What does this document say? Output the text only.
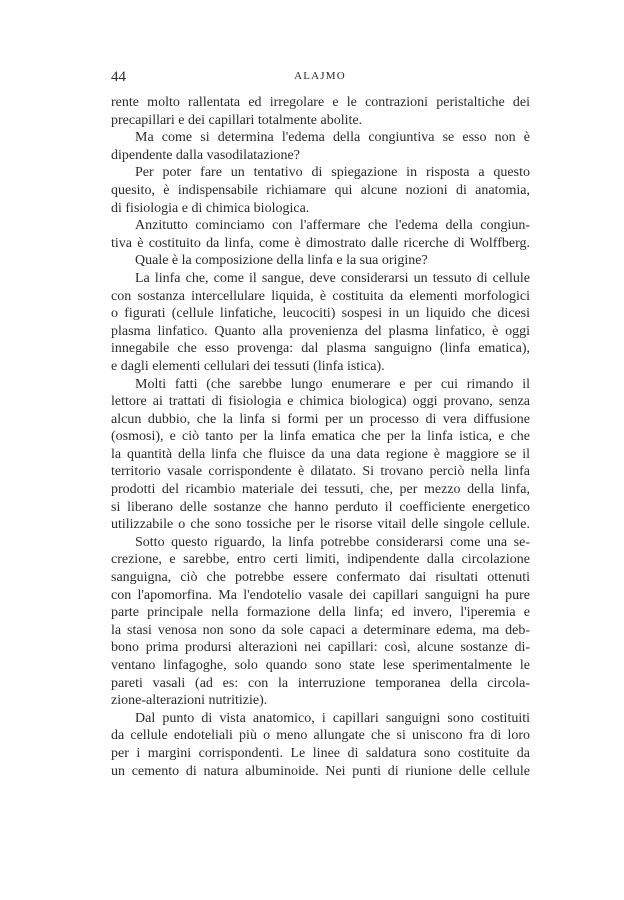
44	ALAJMO
rente molto rallentata ed irregolare e le contrazioni peristaltiche dei
precapillari e dei capillari totalmente abolite.
Ma come si determina l'edema della congiuntiva se esso non è
dipendente dalla vasodilatazione?
Per poter fare un tentativo di spiegazione in risposta a questo
quesito, è indispensabile richiamare qui alcune nozioni di anatomia,
di fisiologia e di chimica biologica.
Anzitutto cominciamo con l'affermare che l'edema della congiun-
tiva è costituito da linfa, come è dimostrato dalle ricerche di Wolffberg.
Quale è la composizione della linfa e la sua origine?
La linfa che, come il sangue, deve considerarsi un tessuto di cellule
con sostanza intercellulare liquida, è costituita da elementi morfologici
o figurati (cellule linfatiche, leucociti) sospesi in un liquido che dicesi
plasma linfatico. Quanto alla provenienza del plasma linfatico, è oggi
innegabile che esso provenga: dal plasma sanguigno (linfa ematica),
e dagli elementi cellulari dei tessuti (linfa istica).
Molti fatti (che sarebbe lungo enumerare e per cui rimando il
lettore ai trattati di fisiologia e chimica biologica) oggi provano, senza
alcun dubbio, che la linfa si formi per un processo di vera diffusione
(osmosi), e ciò tanto per la linfa ematica che per la linfa istica, e che
la quantità della linfa che fluisce da una data regione è maggiore se il
territorio vasale corrispondente è dilatato. Si trovano perciò nella linfa
prodotti del ricambio materiale dei tessuti, che, per mezzo della linfa,
si liberano delle sostanze che hanno perduto il coefficiente energetico
utilizzabile o che sono tossiche per le risorse vitail delle singole cellule.
Sotto questo riguardo, la linfa potrebbe considerarsi come una se-
crezione, e sarebbe, entro certi limiti, indipendente dalla circolazione
sanguigna, ciò che potrebbe essere confermato dai risultati ottenuti
con l'apomorfina. Ma l'endotelio vasale dei capillari sanguigni ha pure
parte principale nella formazione della linfa; ed invero, l'iperemia e
la stasi venosa non sono da sole capaci a determinare edema, ma deb-
bono prima prodursi alterazioni nei capillari: così, alcune sostanze di-
ventano linfagoghe, solo quando sono state lese sperimentalmente le
pareti vasali (ad es: con la interruzione temporanea della circola-
zione-alterazioni nutritizie).
Dal punto di vista anatomico, i capillari sanguigni sono costituiti
da cellule endoteliali più o meno allungate che si uniscono fra di loro
per i margini corrispondenti. Le linee di saldatura sono costituite da
un cemento di natura albuminoide. Nei punti di riunione delle cellule
